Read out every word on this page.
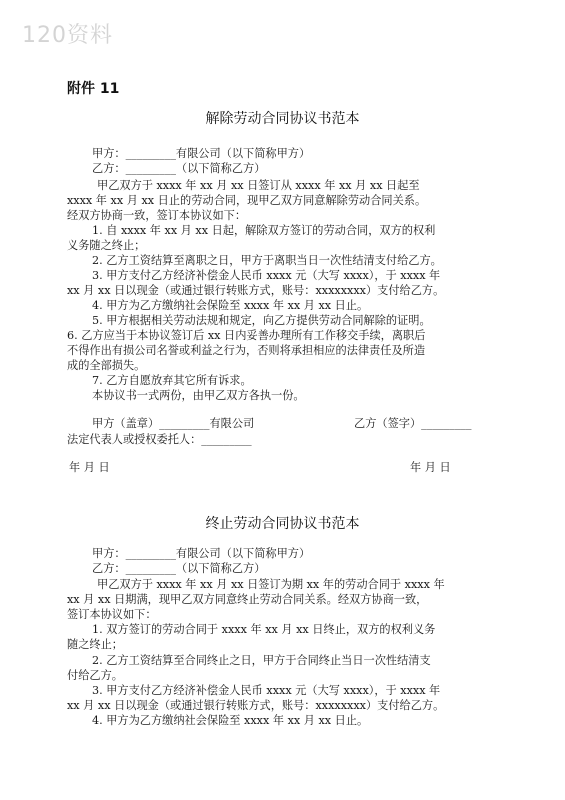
120资料
附件 11
解除劳动合同协议书范本
甲方：_________有限公司（以下简称甲方）
乙方：_________（以下简称乙方）
甲乙双方于 xxxx 年 xx 月 xx 日签订从 xxxx 年 xx 月 xx 日起至
xxxx 年 xx 月 xx 日止的劳动合同，现甲乙双方同意解除劳动合同关系。
经双方协商一致，签订本协议如下：
1. 自 xxxx 年 xx 月 xx 日起，解除双方签订的劳动合同，双方的权利
义务随之终止；
2. 乙方工资结算至离职之日，甲方于离职当日一次性结清支付给乙方。
3. 甲方支付乙方经济补偿金人民币 xxxx 元（大写 xxxx），于 xxxx 年
xx 月 xx 日以现金（或通过银行转账方式，账号：xxxxxxxx）支付给乙方。
4. 甲方为乙方缴纳社会保险至 xxxx 年 xx 月 xx 日止。
5. 甲方根据相关劳动法规和规定，向乙方提供劳动合同解除的证明。
6. 乙方应当于本协议签订后 xx 日内妥善办理所有工作移交手续，离职后
不得作出有损公司名誉或利益之行为，否则将承担相应的法律责任及所造
成的全部损失。
7. 乙方自愿放弃其它所有诉求。
本协议书一式两份，由甲乙双方各执一份。
甲方（盖章）_________有限公司	乙方（签字）_________
法定代表人或授权委托人：_________
年 月 日	年 月 日
终止劳动合同协议书范本
甲方：_________有限公司（以下简称甲方）
乙方：_________（以下简称乙方）
甲乙双方于 xxxx 年 xx 月 xx 日签订为期 xx 年的劳动合同于 xxxx 年
xx 月 xx 日期满，现甲乙双方同意终止劳动合同关系。经双方协商一致，
签订本协议如下：
1. 双方签订的劳动合同于 xxxx 年 xx 月 xx 日终止，双方的权利义务
随之终止；
2. 乙方工资结算至合同终止之日，甲方于合同终止当日一次性结清支
付给乙方。
3. 甲方支付乙方经济补偿金人民币 xxxx 元（大写 xxxx），于 xxxx 年
xx 月 xx 日以现金（或通过银行转账方式，账号：xxxxxxxx）支付给乙方。
4. 甲方为乙方缴纳社会保险至 xxxx 年 xx 月 xx 日止。
